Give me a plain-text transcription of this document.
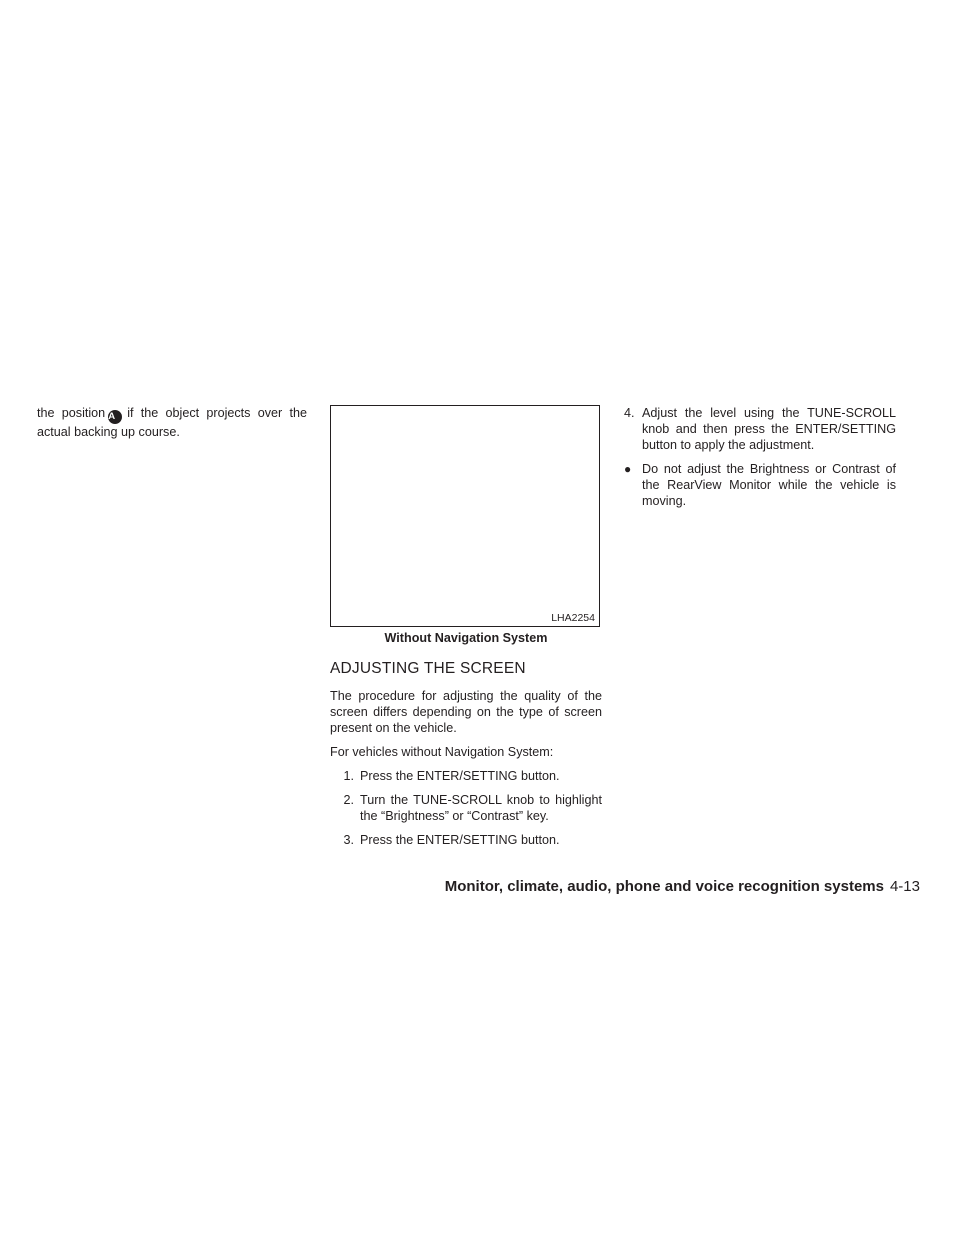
the position A if the object projects over the actual backing up course.

LHA2254
Without Navigation System
ADJUSTING THE SCREEN

The procedure for adjusting the quality of the screen differs depending on the type of screen present on the vehicle.

For vehicles without Navigation System:

1. Press the ENTER/SETTING button.
2. Turn the TUNE-SCROLL knob to highlight the “Brightness” or “Contrast” key.
3. Press the ENTER/SETTING button.
4. Adjust the level using the TUNE-SCROLL knob and then press the ENTER/SETTING button to apply the adjustment.
● Do not adjust the Brightness or Contrast of the RearView Monitor while the vehicle is moving.
Monitor, climate, audio, phone and voice recognition systems 4-13
